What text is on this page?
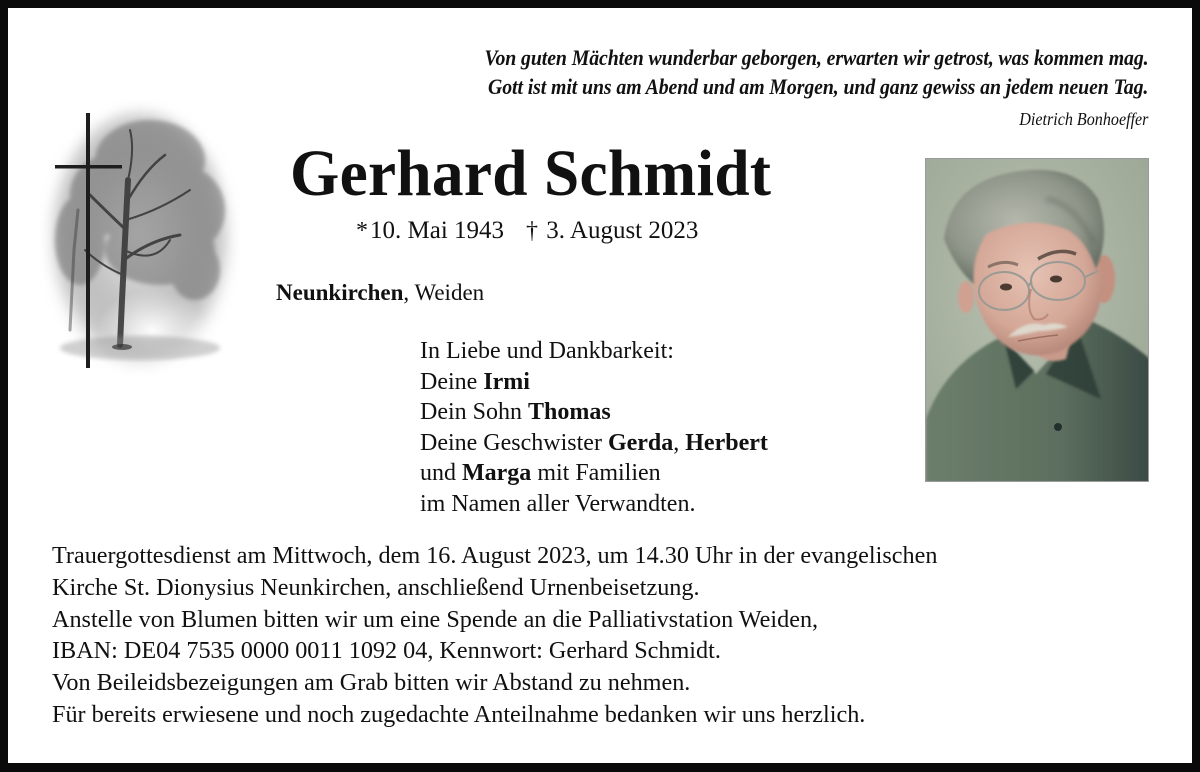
Von guten Mächten wunderbar geborgen, erwarten wir getrost, was kommen mag.
Gott ist mit uns am Abend und am Morgen, und ganz gewiss an jedem neuen Tag.
Dietrich Bonhoeffer
Gerhard Schmidt
*10. Mai 1943 † 3. August 2023
Neunkirchen, Weiden
In Liebe und Dankbarkeit:
Deine Irmi
Dein Sohn Thomas
Deine Geschwister Gerda, Herbert
und Marga mit Familien
im Namen aller Verwandten.
Trauergottesdienst am Mittwoch, dem 16. August 2023, um 14.30 Uhr in der evangelischen
Kirche St. Dionysius Neunkirchen, anschließend Urnenbeisetzung.
Anstelle von Blumen bitten wir um eine Spende an die Palliativstation Weiden,
IBAN: DE04 7535 0000 0011 1092 04, Kennwort: Gerhard Schmidt.
Von Beileidsbezeigungen am Grab bitten wir Abstand zu nehmen.
Für bereits erwiesene und noch zugedachte Anteilnahme bedanken wir uns herzlich.
